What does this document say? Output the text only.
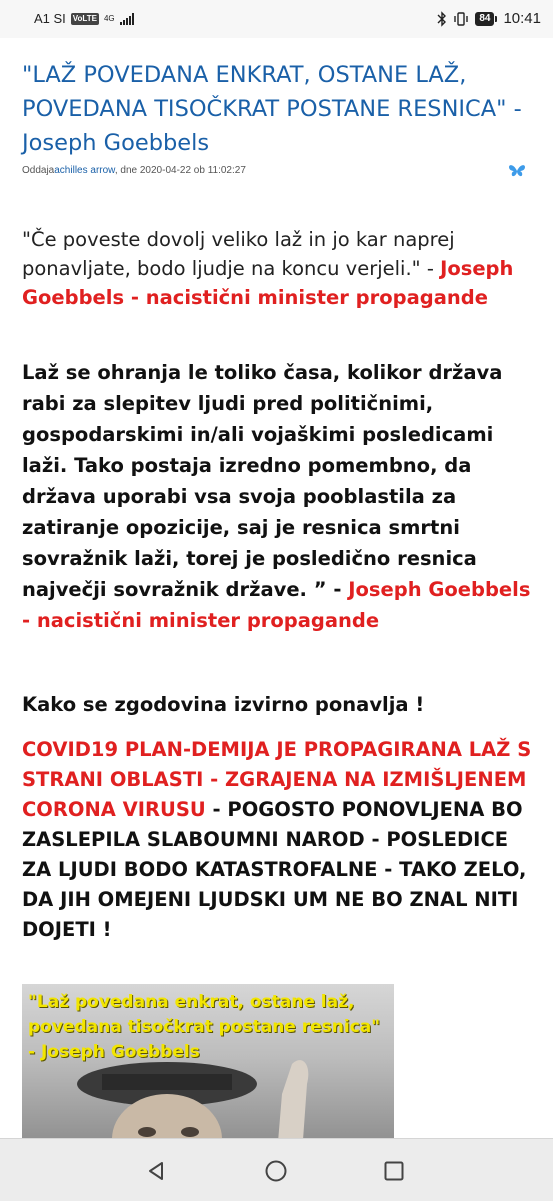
A1 SI VoLTE 4G	84 10:41
"LAŽ POVEDANA ENKRAT, OSTANE LAŽ, POVEDANA TISOČKRAT POSTANE RESNICA" - Joseph Goebbels
Oddajaachilles arrow, dne 2020-04-22 ob 11:02:27
"Če poveste dovolj veliko laž in jo kar naprej ponavljate, bodo ljudje na koncu verjeli." - Joseph Goebbels - nacistični minister propagande
Laž se ohranja le toliko časa, kolikor država rabi za slepitev ljudi pred političnimi, gospodarskimi in/ali vojaškimi posledicami laži. Tako postaja izredno pomembno, da država uporabi vsa svoja pooblastila za zatiranje opozicije, saj je resnica smrtni sovražnik laži, torej je posledično resnica največji sovražnik države. ” - Joseph Goebbels - nacistični minister propagande
Kako se zgodovina izvirno ponavlja !
COVID19 PLAN-DEMIJA JE PROPAGIRANA LAŽ S STRANI OBLASTI - ZGRAJENA NA IZMIŠLJENEM CORONA VIRUSU - POGOSTO PONOVLJENA BO ZASLEPILA SLABOUMNI NAROD - POSLEDICE ZA LJUDI BODO KATASTROFALNE - TAKO ZELO, DA JIH OMEJENI LJUDSKI UM NE BO ZNAL NITI DOJETI !
"Laž povedana enkrat, ostane laž, povedana tisočkrat postane resnica" - Joseph Goebbels
